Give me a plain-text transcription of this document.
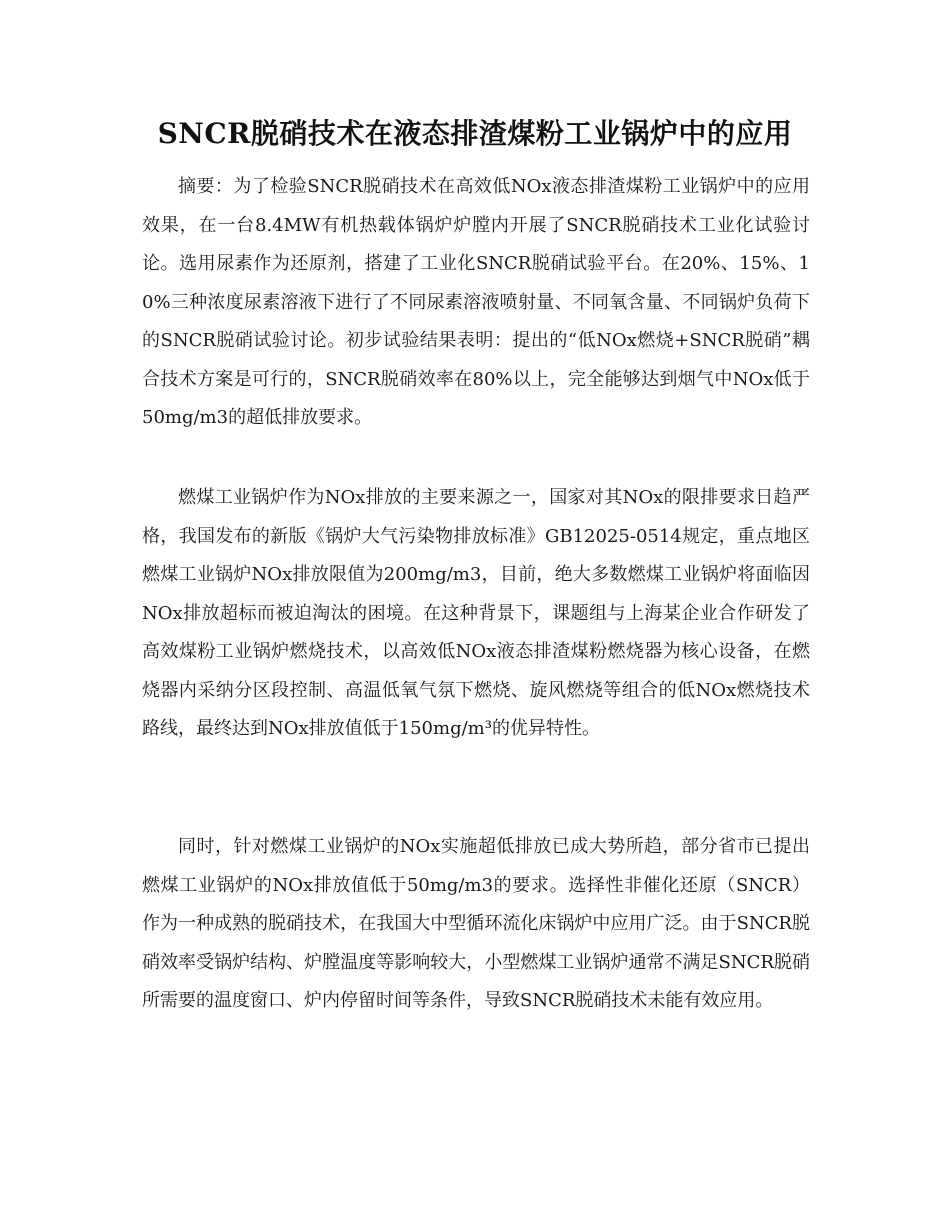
SNCR脱硝技术在液态排渣煤粉工业锅炉中的应用

摘要：为了检验SNCR脱硝技术在高效低NOx液态排渣煤粉工业锅炉中的应用效果，在一台8.4MW有机热载体锅炉炉膛内开展了SNCR脱硝技术工业化试验讨论。选用尿素作为还原剂，搭建了工业化SNCR脱硝试验平台。在20%、15%、10%三种浓度尿素溶液下进行了不同尿素溶液喷射量、不同氧含量、不同锅炉负荷下的SNCR脱硝试验讨论。初步试验结果表明：提出的“低NOx燃烧+SNCR脱硝”耦合技术方案是可行的，SNCR脱硝效率在80%以上，完全能够达到烟气中NOx低于50mg/m3的超低排放要求。

燃煤工业锅炉作为NOx排放的主要来源之一，国家对其NOx的限排要求日趋严格，我国发布的新版《锅炉大气污染物排放标准》GB12025-0514规定，重点地区燃煤工业锅炉NOx排放限值为200mg/m3，目前，绝大多数燃煤工业锅炉将面临因NOx排放超标而被迫淘汰的困境。在这种背景下，课题组与上海某企业合作研发了高效煤粉工业锅炉燃烧技术，以高效低NOx液态排渣煤粉燃烧器为核心设备，在燃烧器内采纳分区段控制、高温低氧气氛下燃烧、旋风燃烧等组合的低NOx燃烧技术路线，最终达到NOx排放值低于150mg/m³的优异特性。

同时，针对燃煤工业锅炉的NOx实施超低排放已成大势所趋，部分省市已提出燃煤工业锅炉的NOx排放值低于50mg/m3的要求。选择性非催化还原（SNCR）作为一种成熟的脱硝技术，在我国大中型循环流化床锅炉中应用广泛。由于SNCR脱硝效率受锅炉结构、炉膛温度等影响较大，小型燃煤工业锅炉通常不满足SNCR脱硝所需要的温度窗口、炉内停留时间等条件，导致SNCR脱硝技术未能有效应用。
